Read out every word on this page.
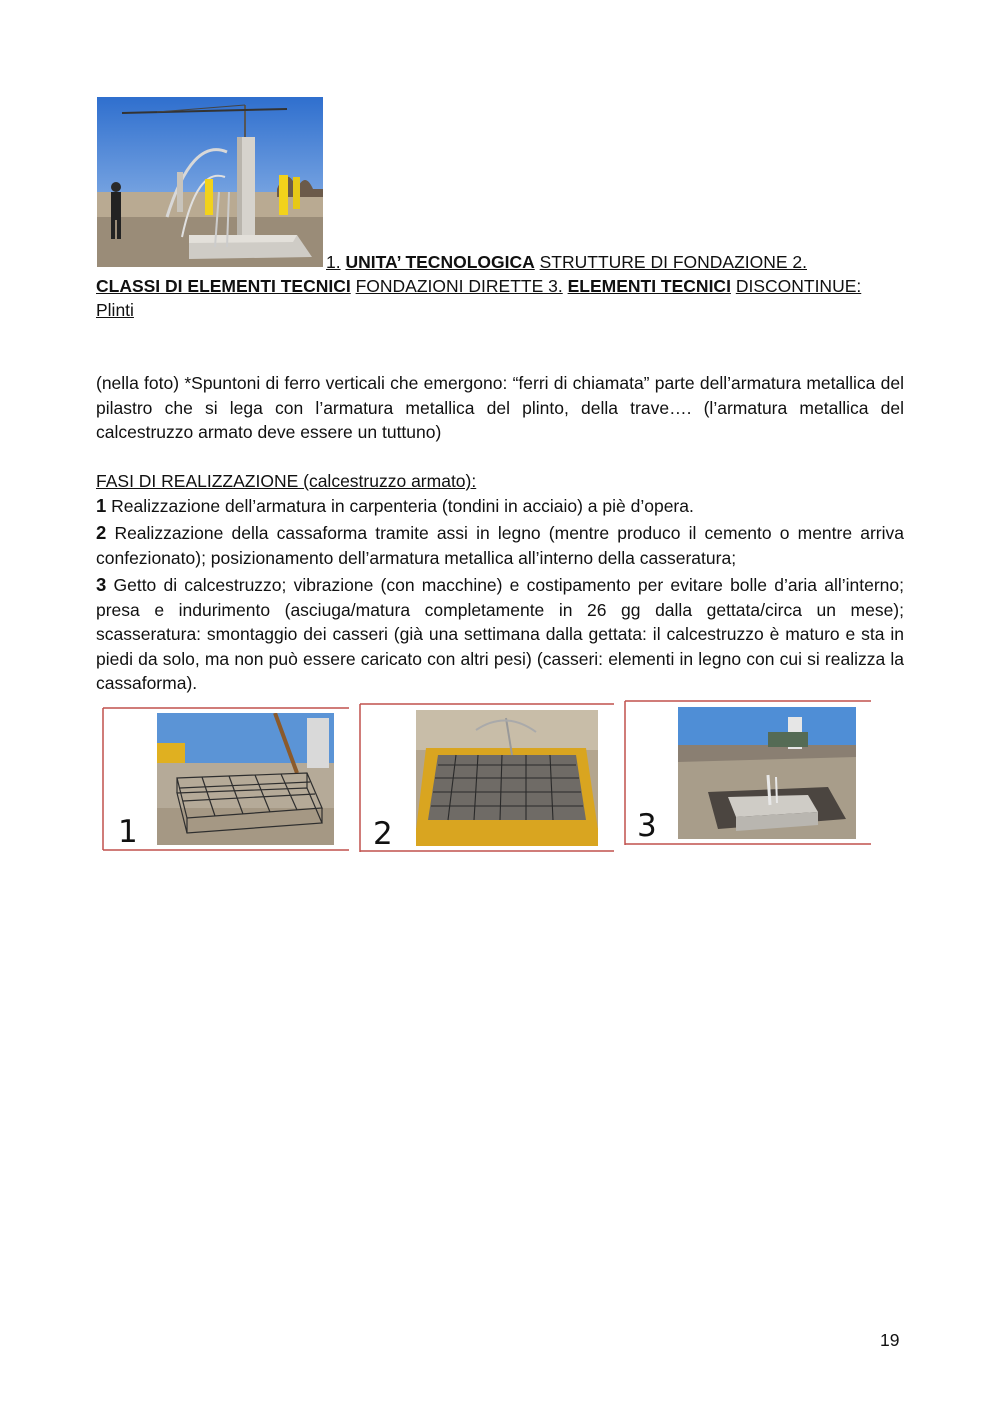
1. UNITA’ TECNOLOGICA STRUTTURE DI FONDAZIONE 2.
CLASSI DI ELEMENTI TECNICI FONDAZIONI DIRETTE 3. ELEMENTI TECNICI DISCONTINUE:
Plinti
(nella foto) *Spuntoni di ferro verticali che emergono: “ferri di chiamata” parte dell’armatura metallica del pilastro che si lega con l’armatura metallica del plinto, della trave…. (l’armatura metallica del calcestruzzo armato deve essere un tuttuno)
FASI DI REALIZZAZIONE (calcestruzzo armato):
1 Realizzazione dell’armatura in carpenteria (tondini in acciaio) a piè d’opera.
2 Realizzazione della cassaforma tramite assi in legno (mentre produco il cemento o mentre arriva confezionato); posizionamento dell’armatura metallica all’interno della casseratura;
3 Getto di calcestruzzo; vibrazione (con macchine) e costipamento per evitare bolle d’aria all’interno; presa e indurimento (asciuga/matura completamente in 26 gg dalla gettata/circa un mese); scasseratura: smontaggio dei casseri (già una settimana dalla gettata: il calcestruzzo è maturo e sta in piedi da solo, ma non può essere caricato con altri pesi) (casseri: elementi in legno con cui si realizza la cassaforma).
1	2	3
19
